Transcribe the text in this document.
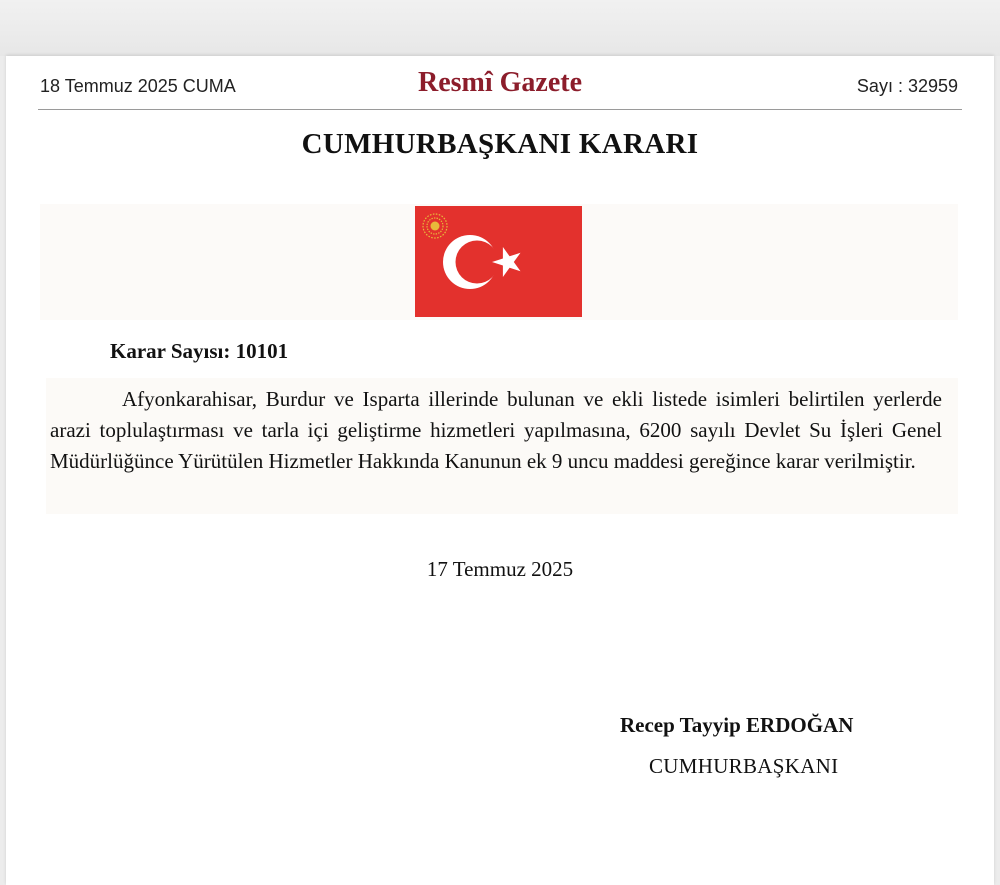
18 Temmuz 2025 CUMA	Resmî Gazete	Sayı : 32959
CUMHURBAŞKANI KARARI
Karar Sayısı: 10101
Afyonkarahisar, Burdur ve Isparta illerinde bulunan ve ekli listede isimleri belirtilen yerlerde arazi toplulaştırması ve tarla içi geliştirme hizmetleri yapılmasına, 6200 sayılı Devlet Su İşleri Genel Müdürlüğünce Yürütülen Hizmetler Hakkında Kanunun ek 9 uncu maddesi gereğince karar verilmiştir.
17 Temmuz 2025
Recep Tayyip ERDOĞAN
CUMHURBAŞKANI
